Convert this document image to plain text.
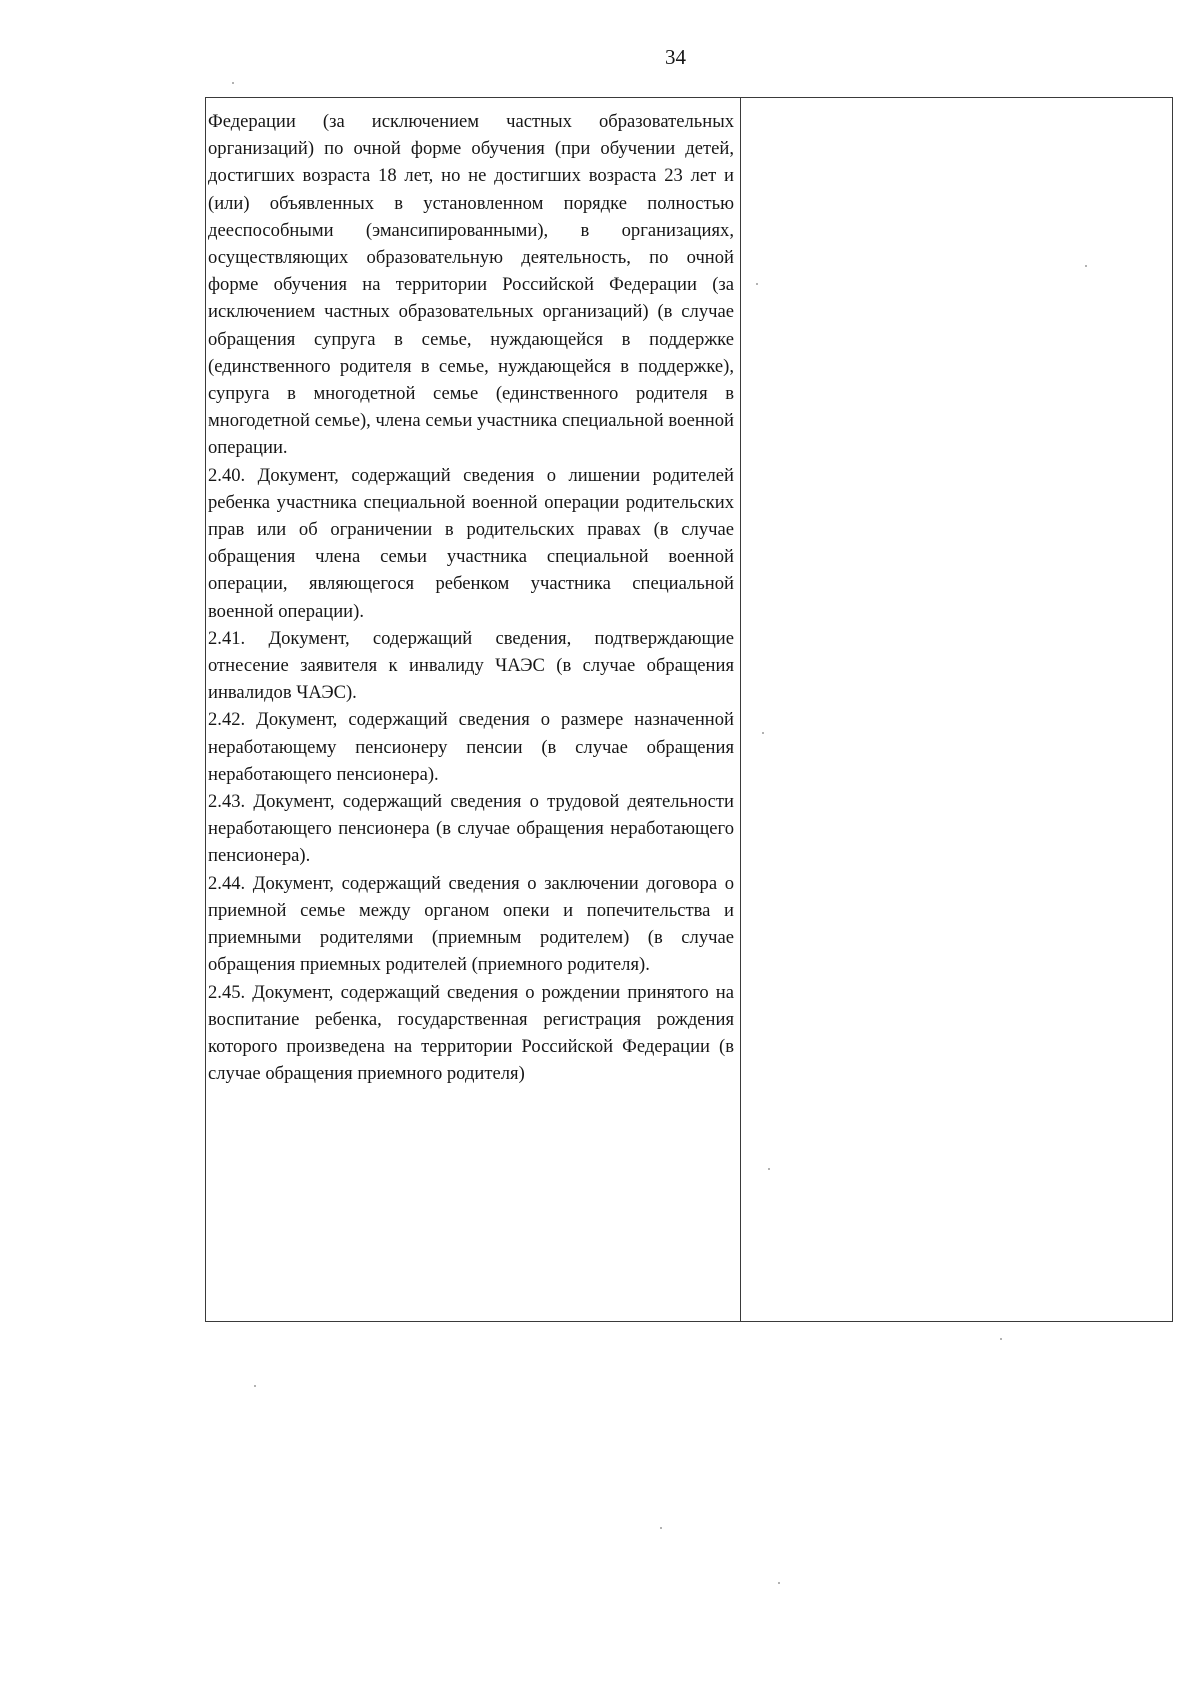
34

Федерации (за исключением частных образовательных организаций) по очной форме обучения (при обучении детей, достигших возраста 18 лет, но не достигших возраста 23 лет и (или) объявленных в установленном порядке полностью дееспособными (эмансипированными), в организациях, осуществляющих образовательную деятельность, по очной форме обучения на территории Российской Федерации (за исключением частных образовательных организаций) (в случае обращения супруга в семье, нуждающейся в поддержке (единственного родителя в семье, нуждающейся в поддержке), супруга в многодетной семье (единственного родителя в многодетной семье), члена семьи участника специальной военной операции.

2.40. Документ, содержащий сведения о лишении родителей ребенка участника специальной военной операции родительских прав или об ограничении в родительских правах (в случае обращения члена семьи участника специальной военной операции, являющегося ребенком участника специальной военной операции).

2.41. Документ, содержащий сведения, подтверждающие отнесение заявителя к инвалиду ЧАЭС (в случае обращения инвалидов ЧАЭС).

2.42. Документ, содержащий сведения о размере назначенной неработающему пенсионеру пенсии (в случае обращения неработающего пенсионера).

2.43. Документ, содержащий сведения о трудовой деятельности неработающего пенсионера (в случае обращения неработающего пенсионера).

2.44. Документ, содержащий сведения о заключении договора о приемной семье между органом опеки и попечительства и приемными родителями (приемным родителем) (в случае обращения приемных родителей (приемного родителя).

2.45. Документ, содержащий сведения о рождении принятого на воспитание ребенка, государственная регистрация рождения которого произведена на территории Российской Федерации (в случае обращения приемного родителя)
